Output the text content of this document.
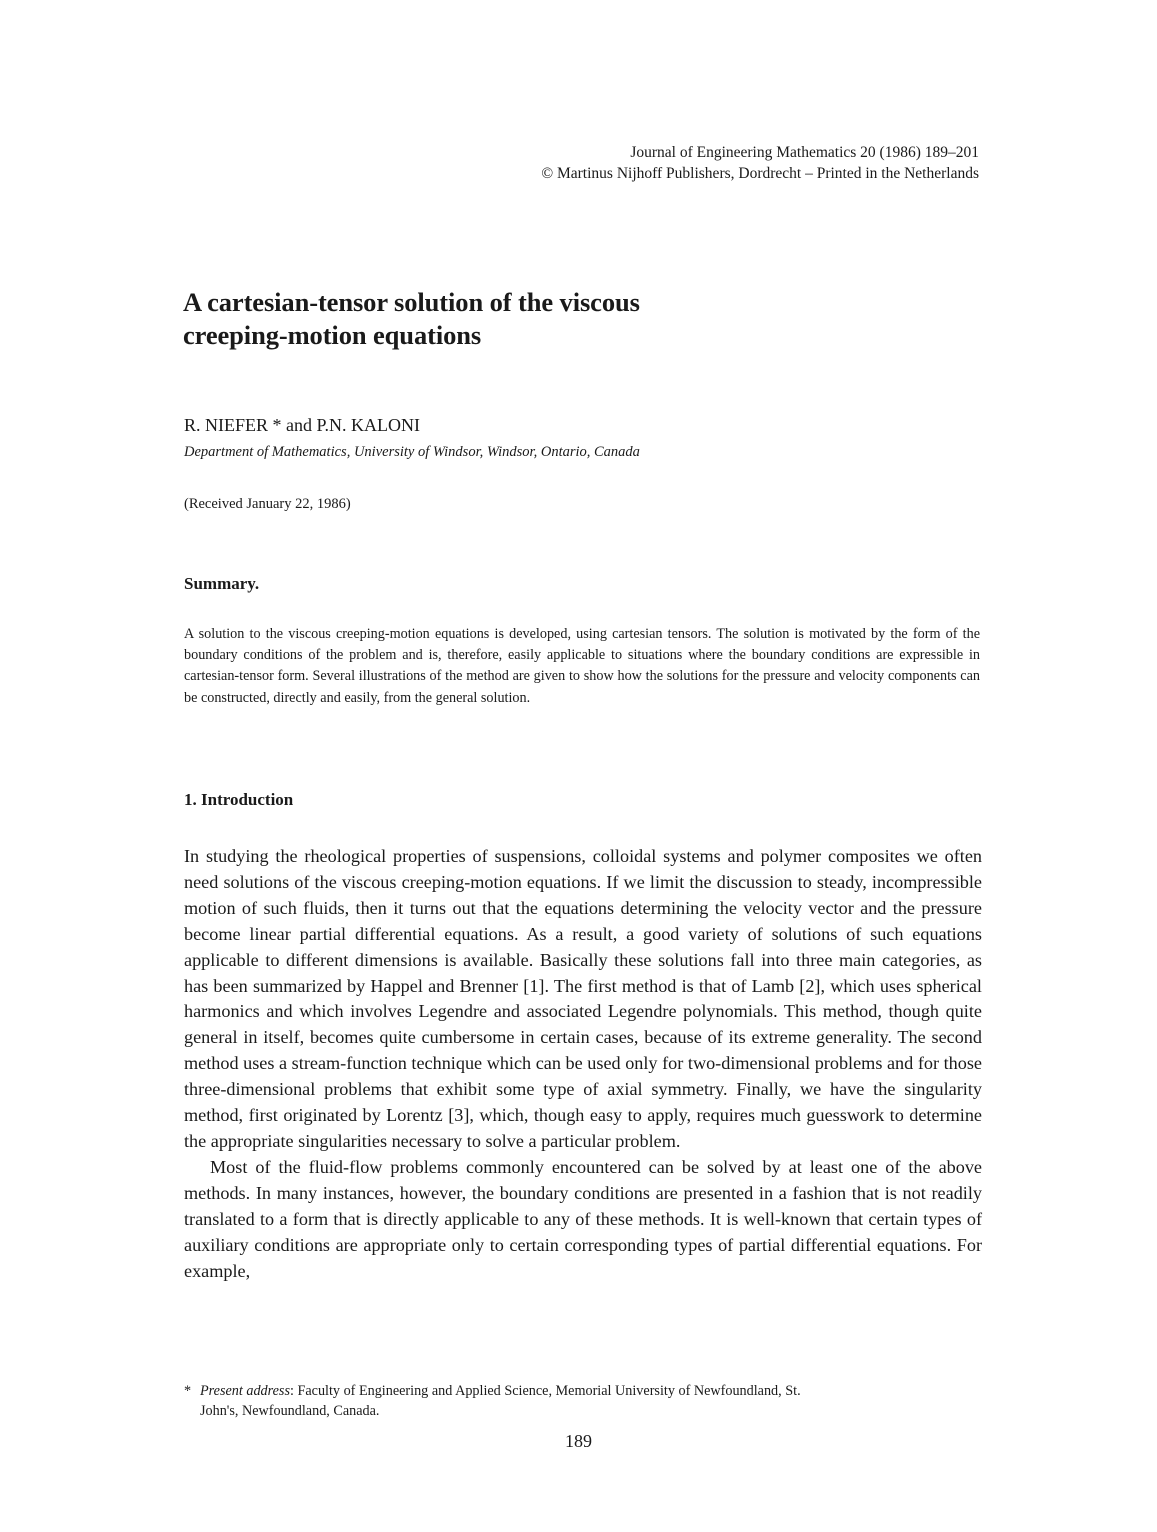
Journal of Engineering Mathematics 20 (1986) 189–201
© Martinus Nijhoff Publishers, Dordrecht – Printed in the Netherlands
A cartesian-tensor solution of the viscous
creeping-motion equations
R. NIEFER * and P.N. KALONI
Department of Mathematics, University of Windsor, Windsor, Ontario, Canada
(Received January 22, 1986)
Summary.

A solution to the viscous creeping-motion equations is developed, using cartesian tensors. The solution is motivated by the form of the boundary conditions of the problem and is, therefore, easily applicable to situations where the boundary conditions are expressible in cartesian-tensor form. Several illustrations of the method are given to show how the solutions for the pressure and velocity components can be constructed, directly and easily, from the general solution.

1. Introduction

In studying the rheological properties of suspensions, colloidal systems and polymer composites we often need solutions of the viscous creeping-motion equations. If we limit the discussion to steady, incompressible motion of such fluids, then it turns out that the equations determining the velocity vector and the pressure become linear partial differential equations. As a result, a good variety of solutions of such equations applicable to different dimensions is available. Basically these solutions fall into three main categories, as has been summarized by Happel and Brenner [1]. The first method is that of Lamb [2], which uses spherical harmonics and which involves Legendre and associated Legendre polynomials. This method, though quite general in itself, becomes quite cumbersome in certain cases, because of its extreme generality. The second method uses a stream-function technique which can be used only for two-dimensional problems and for those three-dimensional problems that exhibit some type of axial symmetry. Finally, we have the singularity method, first originated by Lorentz [3], which, though easy to apply, requires much guesswork to determine the appropriate singularities necessary to solve a particular problem.

Most of the fluid-flow problems commonly encountered can be solved by at least one of the above methods. In many instances, however, the boundary conditions are presented in a fashion that is not readily translated to a form that is directly applicable to any of these methods. It is well-known that certain types of auxiliary conditions are appropriate only to certain corresponding types of partial differential equations. For example,

* Present address: Faculty of Engineering and Applied Science, Memorial University of Newfoundland, St.
John's, Newfoundland, Canada.
189
